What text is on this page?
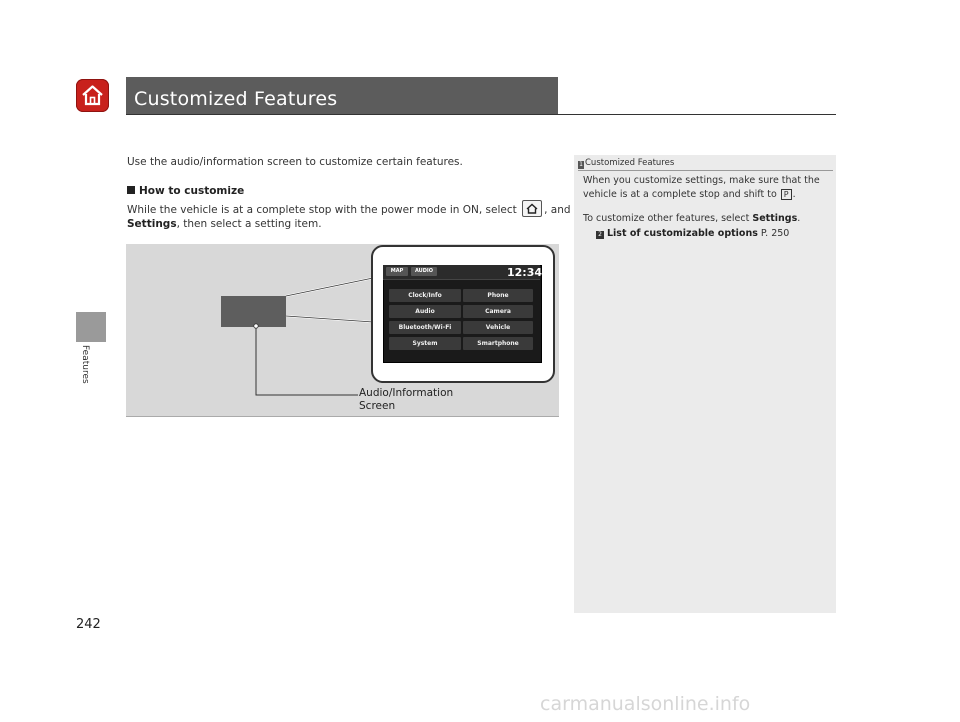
Customized Features
Features
Use the audio/information screen to customize certain features.
How to customize
While the vehicle is at a complete stop with the power mode in ON, select	, and
Settings, then select a setting item.
MAP	AUDIO	12:34
Clock/Info	Phone
Audio	Camera
Bluetooth/Wi-Fi	Vehicle
System	Smartphone
Audio/Information
Screen
1 Customized Features
When you customize settings, make sure that the
vehicle is at a complete stop and shift to P .
To customize other features, select Settings.
2 List of customizable options P. 250
242
carmanualsonline.info
